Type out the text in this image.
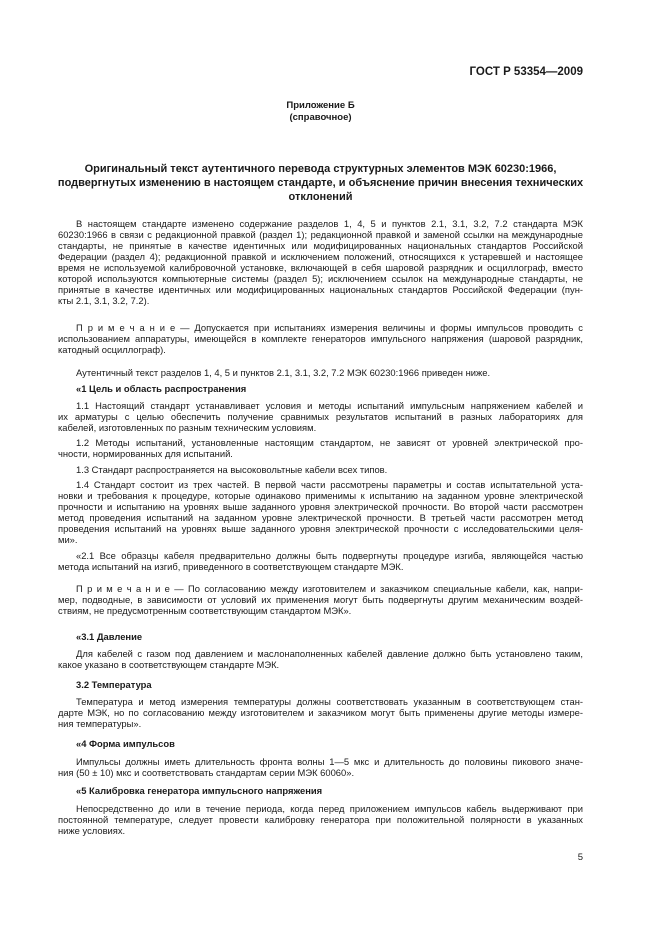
ГОСТ Р 53354—2009
Приложение Б
(справочное)
Оригинальный текст аутентичного перевода структурных элементов МЭК 60230:1966,
подвергнутых изменению в настоящем стандарте, и объяснение причин внесения технических
отклонений
В настоящем стандарте изменено содержание разделов 1, 4, 5 и пунктов 2.1, 3.1, 3.2, 7.2 стандарта МЭК
60230:1966 в связи с редакционной правкой (раздел 1); редакционной правкой и заменой ссылки на международные
стандарты, не принятые в качестве идентичных или модифицированных национальных стандартов Российской
Федерации (раздел 4); редакционной правкой и исключением положений, относящихся к устаревшей и настоящее
время не используемой калибровочной установке, включающей в себя шаровой разрядник и осциллограф, вместо
которой используются компьютерные системы (раздел 5); исключением ссылок на международные стандарты, не
принятые в качестве идентичных или модифицированных национальных стандартов Российской Федерации (пун-
кты 2.1, 3.1, 3.2, 7.2).
П р и м е ч а н и е — Допускается при испытаниях измерения величины и формы импульсов проводить с
использованием аппаратуры, имеющейся в комплекте генераторов импульсного напряжения (шаровой разрядник,
катодный осциллограф).
Аутентичный текст разделов 1, 4, 5 и пунктов 2.1, 3.1, 3.2, 7.2 МЭК 60230:1966 приведен ниже.
«1 Цель и область распространения
1.1 Настоящий стандарт устанавливает условия и методы испытаний импульсным напряжением кабелей и
их арматуры с целью обеспечить получение сравнимых результатов испытаний в разных лабораториях для
кабелей, изготовленных по разным техническим условиям.
1.2 Методы испытаний, установленные настоящим стандартом, не зависят от уровней электрической про-
чности, нормированных для испытаний.
1.3 Стандарт распространяется на высоковольтные кабели всех типов.
1.4 Стандарт состоит из трех частей. В первой части рассмотрены параметры и состав испытательной уста-
новки и требования к процедуре, которые одинаково применимы к испытанию на заданном уровне электрической
прочности и испытанию на уровнях выше заданного уровня электрической прочности. Во второй части рассмотрен
метод проведения испытаний на заданном уровне электрической прочности. В третьей части рассмотрен метод
проведения испытаний на уровнях выше заданного уровня электрической прочности с исследовательскими целя-
ми».
«2.1 Все образцы кабеля предварительно должны быть подвергнуты процедуре изгиба, являющейся частью
метода испытаний на изгиб, приведенного в соответствующем стандарте МЭК.
П р и м е ч а н и е — По согласованию между изготовителем и заказчиком специальные кабели, как, напри-
мер, подводные, в зависимости от условий их применения могут быть подвергнуты другим механическим воздей-
ствиям, не предусмотренным соответствующим стандартом МЭК».
«3.1 Давление
Для кабелей с газом под давлением и маслонаполненных кабелей давление должно быть установлено таким,
какое указано в соответствующем стандарте МЭК.
3.2 Температура
Температура и метод измерения температуры должны соответствовать указанным в соответствующем стан-
дарте МЭК, но по согласованию между изготовителем и заказчиком могут быть применены другие методы измере-
ния температуры».
«4 Форма импульсов
Импульсы должны иметь длительность фронта волны 1—5 мкс и длительность до половины пикового значе-
ния (50 ± 10) мкс и соответствовать стандартам серии МЭК 60060».
«5 Калибровка генератора импульсного напряжения
Непосредственно до или в течение периода, когда перед приложением импульсов кабель выдерживают при
постоянной температуре, следует провести калибровку генератора при положительной полярности в указанных
ниже условиях.
5
